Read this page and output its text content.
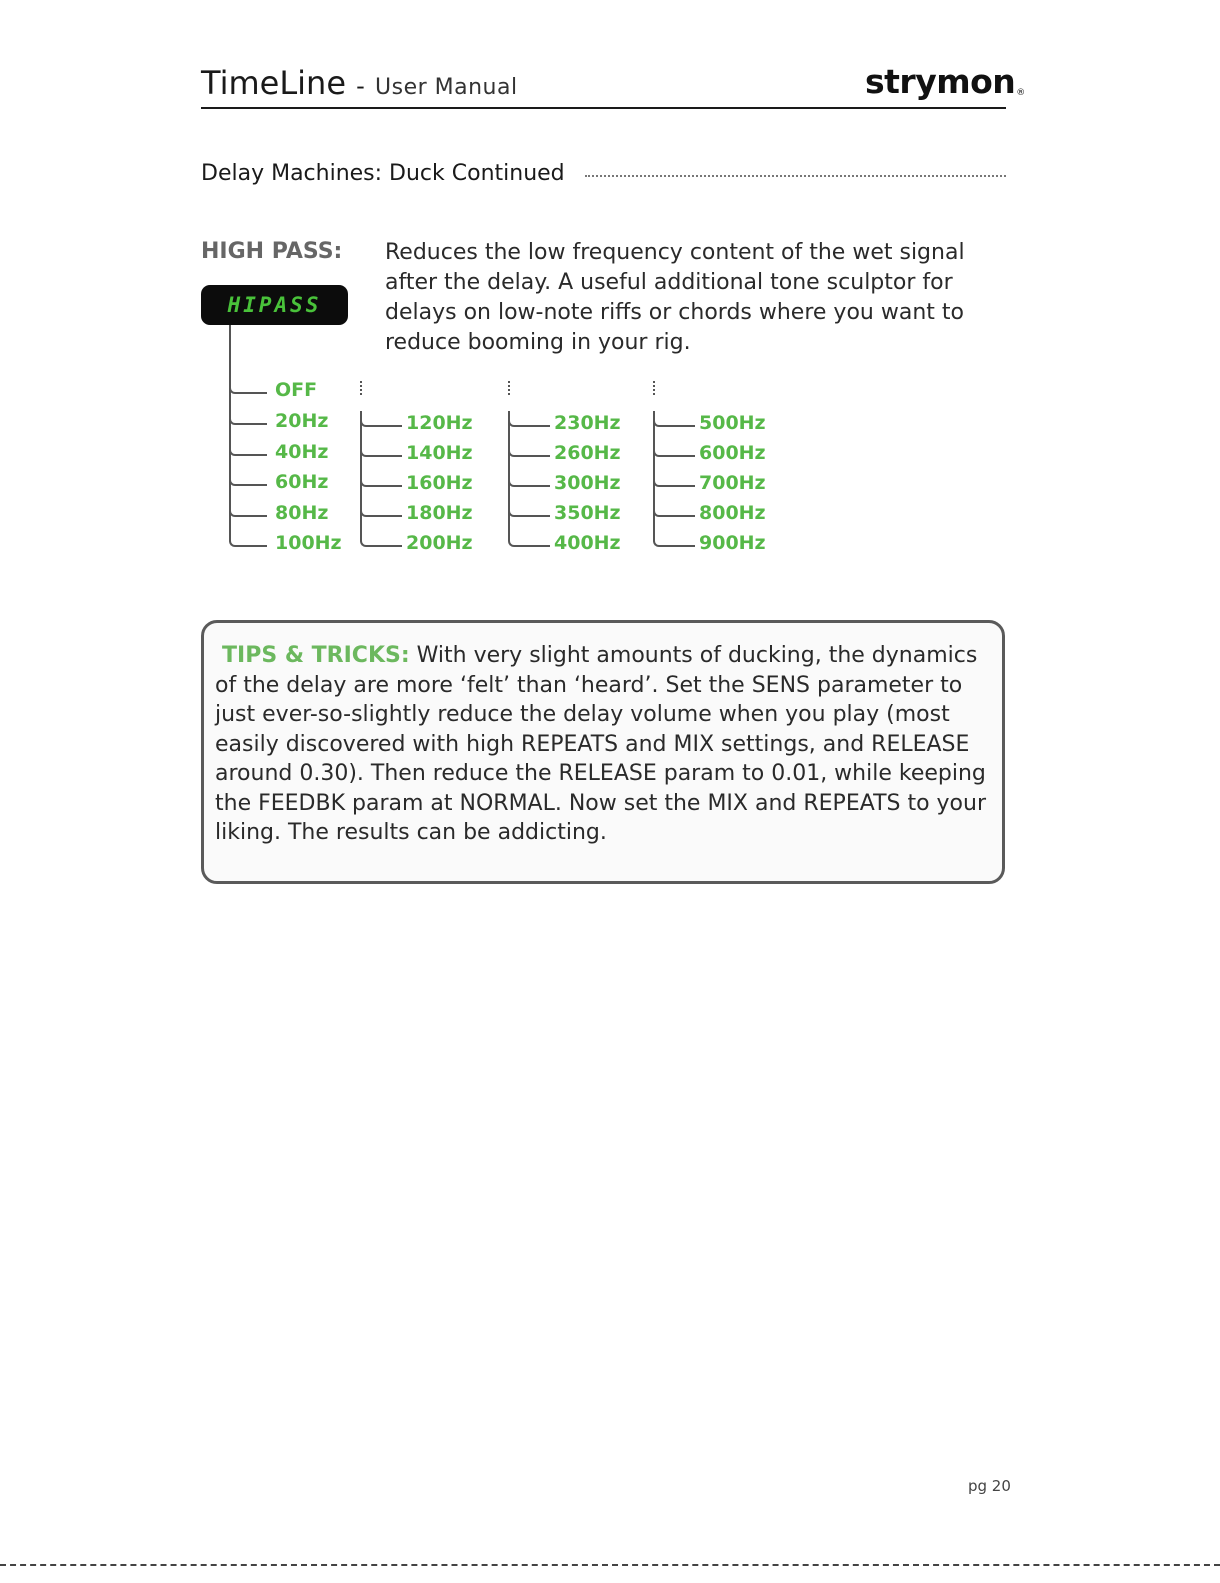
TimeLine - User Manual	strymon®
Delay Machines: Duck Continued
HIGH PASS: Reduces the low frequency content of the wet signal after the delay. A useful additional tone sculptor for delays on low-note riffs or chords where you want to reduce booming in your rig.
HIPASS
OFF
20Hz
40Hz
60Hz
80Hz
100Hz
120Hz
140Hz
160Hz
180Hz
200Hz
230Hz
260Hz
300Hz
350Hz
400Hz
500Hz
600Hz
700Hz
800Hz
900Hz
TIPS & TRICKS: With very slight amounts of ducking, the dynamics of the delay are more ‘felt’ than ‘heard’. Set the SENS parameter to just ever-so-slightly reduce the delay volume when you play (most easily discovered with high REPEATS and MIX settings, and RELEASE around 0.30). Then reduce the RELEASE param to 0.01, while keeping the FEEDBK param at NORMAL. Now set the MIX and REPEATS to your liking. The results can be addicting.
pg 20
